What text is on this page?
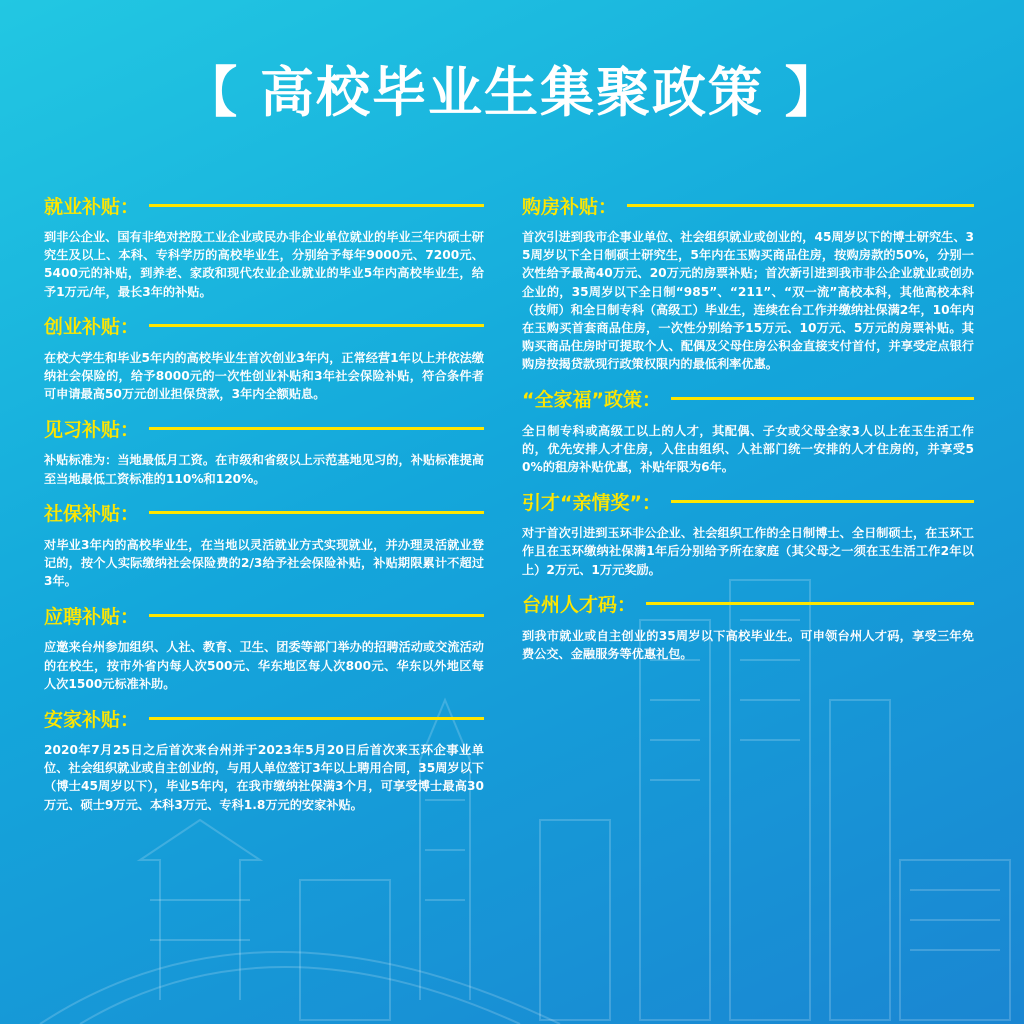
【 高校毕业生集聚政策 】
就业补贴：
到非公企业、国有非绝对控股工业企业或民办非企业单位就业的毕业三年内硕士研究生及以上、本科、专科学历的高校毕业生，分别给予每年9000元、7200元、5400元的补贴，到养老、家政和现代农业企业就业的毕业5年内高校毕业生，给予1万元/年，最长3年的补贴。
创业补贴：
在校大学生和毕业5年内的高校毕业生首次创业3年内，正常经营1年以上并依法缴纳社会保险的，给予8000元的一次性创业补贴和3年社会保险补贴，符合条件者可申请最高50万元创业担保贷款，3年内全额贴息。
见习补贴：
补贴标准为：当地最低月工资。在市级和省级以上示范基地见习的，补贴标准提高至当地最低工资标准的110%和120%。
社保补贴：
对毕业3年内的高校毕业生，在当地以灵活就业方式实现就业，并办理灵活就业登记的，按个人实际缴纳社会保险费的2/3给予社会保险补贴，补贴期限累计不超过3年。
应聘补贴：
应邀来台州参加组织、人社、教育、卫生、团委等部门举办的招聘活动或交流活动的在校生，按市外省内每人次500元、华东地区每人次800元、华东以外地区每人次1500元标准补助。
安家补贴：
2020年7月25日之后首次来台州并于2023年5月20日后首次来玉环企事业单位、社会组织就业或自主创业的，与用人单位签订3年以上聘用合同，35周岁以下（博士45周岁以下），毕业5年内，在我市缴纳社保满3个月，可享受博士最高30万元、硕士9万元、本科3万元、专科1.8万元的安家补贴。
购房补贴：
首次引进到我市企事业单位、社会组织就业或创业的，45周岁以下的博士研究生、35周岁以下全日制硕士研究生，5年内在玉购买商品住房，按购房款的50%，分别一次性给予最高40万元、20万元的房票补贴；首次新引进到我市非公企业就业或创办企业的，35周岁以下全日制“985”、“211”、“双一流”高校本科，其他高校本科（技师）和全日制专科（高级工）毕业生，连续在台工作并缴纳社保满2年，10年内在玉购买首套商品住房，一次性分别给予15万元、10万元、5万元的房票补贴。其购买商品住房时可提取个人、配偶及父母住房公积金直接支付首付，并享受定点银行购房按揭贷款现行政策权限内的最低利率优惠。
“全家福”政策：
全日制专科或高级工以上的人才，其配偶、子女或父母全家3人以上在玉生活工作的，优先安排人才住房，入住由组织、人社部门统一安排的人才住房的，并享受50%的租房补贴优惠，补贴年限为6年。
引才“亲情奖”：
对于首次引进到玉环非公企业、社会组织工作的全日制博士、全日制硕士，在玉环工作且在玉环缴纳社保满1年后分别给予所在家庭（其父母之一须在玉生活工作2年以上）2万元、1万元奖励。
台州人才码：
到我市就业或自主创业的35周岁以下高校毕业生。可申领台州人才码，享受三年免费公交、金融服务等优惠礼包。
